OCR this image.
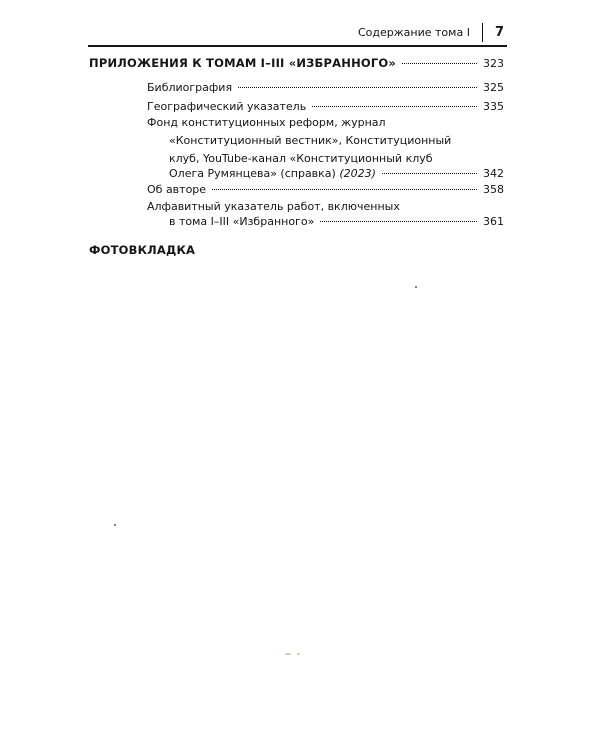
Содержание тома I 7
ПРИЛОЖЕНИЯ К ТОМАМ I–III «ИЗБРАННОГО»	323
Библиография	325
Географический указатель	335
Фонд конституционных реформ, журнал
«Конституционный вестник», Конституционный
клуб, YouTube-канал «Конституционный клуб
Олега Румянцева» (справка) (2023)	342
Об авторе	358
Алфавитный указатель работ, включенных
в тома I–III «Избранного»	361
ФОТОВКЛАДКА
